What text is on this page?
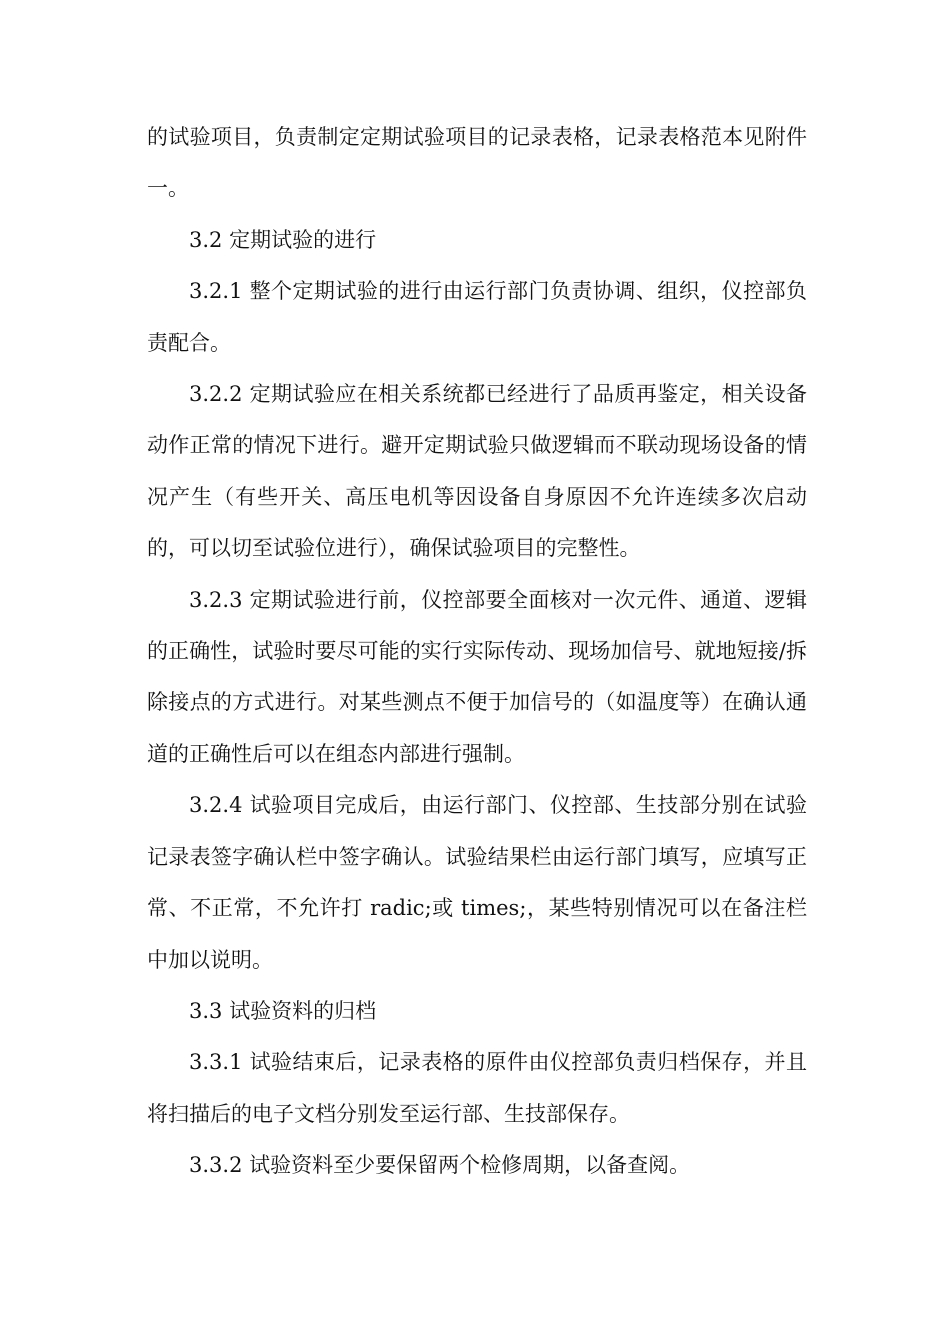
的试验项目，负责制定定期试验项目的记录表格，记录表格范本见附件一。

3.2 定期试验的进行

3.2.1 整个定期试验的进行由运行部门负责协调、组织，仪控部负责配合。

3.2.2 定期试验应在相关系统都已经进行了品质再鉴定，相关设备动作正常的情况下进行。避开定期试验只做逻辑而不联动现场设备的情况产生（有些开关、高压电机等因设备自身原因不允许连续多次启动的，可以切至试验位进行），确保试验项目的完整性。

3.2.3 定期试验进行前，仪控部要全面核对一次元件、通道、逻辑的正确性，试验时要尽可能的实行实际传动、现场加信号、就地短接/拆除接点的方式进行。对某些测点不便于加信号的（如温度等）在确认通道的正确性后可以在组态内部进行强制。

3.2.4 试验项目完成后，由运行部门、仪控部、生技部分别在试验记录表签字确认栏中签字确认。试验结果栏由运行部门填写，应填写正常、不正常，不允许打 radic;或 times;，某些特别情况可以在备注栏中加以说明。

3.3 试验资料的归档

3.3.1 试验结束后，记录表格的原件由仪控部负责归档保存，并且将扫描后的电子文档分别发至运行部、生技部保存。

3.3.2 试验资料至少要保留两个检修周期，以备查阅。
